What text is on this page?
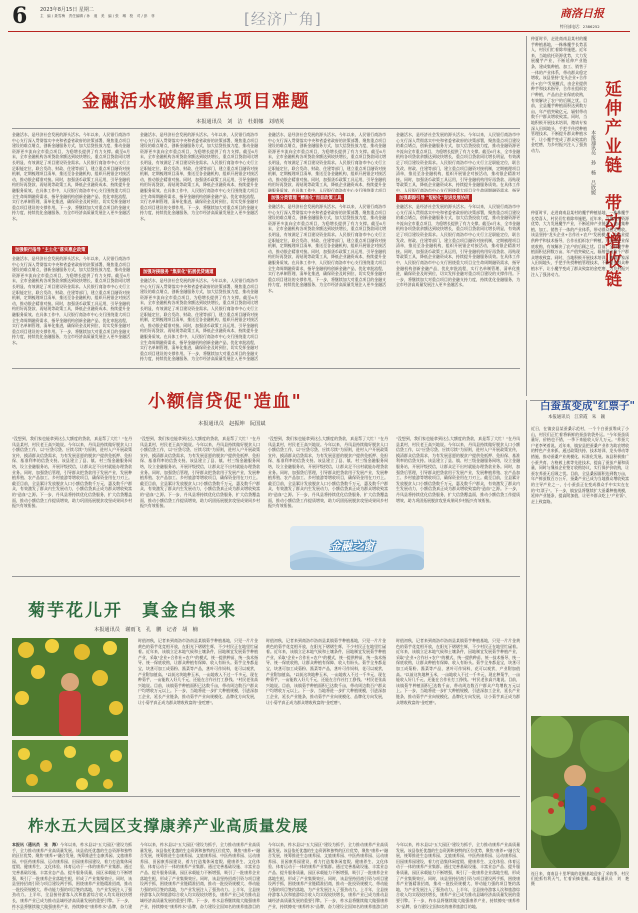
6	2023年8月15日 星期二
主　编 / 聂雪梅　责任编辑 / 孙　迪　美　编 / 张　琳　校　对 / 彭　菲	[经济广角]	商洛日报
特刊部电话：2386252
金融活水破解重点项目难题
本报通讯员　刘　洁　杜娟娜　刘靖英
金融活水，是经济社会发展的源头活水。今年以来，人民银行商洛市中心支行深入贯彻落实中央和省委省政府的决策部署，聚焦重点项目建设的难点堵点，创新金融服务方式，加大信贷投放力度，推动金融资源更多流向全市重点项目，为稳增长提供了有力支撑。截至6月末，全市金融机构各项贷款余额达到较快增长，重点项目贷款同比增长明显，有效满足了项目建设资金需求。人民银行商洛市中心支行立足职能定位，联合发改、财政、住建等部门，建立重点项目融资对接机制，定期梳理项目清单，推送至各金融机构，组织开展银企对接活动，推动银企精准对接。同时，加强货币政策工具运用，引导金融机构用好再贷款、再贴现等政策工具，降低企业融资成本，持续提升金融服务质效。在具体工作中，人民银行商洛市中心支行围绕重大项目全生命周期融资需求，指导金融机构创新金融产品，优化审批流程，实行名单制管理、清单化推进，确保资金及时到位，切实发挥金融对重点项目建设的支撑作用。下一步，将继续加大对重点项目的金融支持力度，持续优化金融服务，为全市经济高质量发展注入更多金融活水。
加强银行指导 "主土化"落实惠企政策
金融活水，是经济社会发展的源头活水。今年以来，人民银行商洛市中心支行深入贯彻落实中央和省委省政府的决策部署，聚焦重点项目建设的难点堵点，创新金融服务方式，加大信贷投放力度，推动金融资源更多流向全市重点项目，为稳增长提供了有力支撑。截至6月末，全市金融机构各项贷款余额达到较快增长，重点项目贷款同比增长明显，有效满足了项目建设资金需求。人民银行商洛市中心支行立足职能定位，联合发改、财政、住建等部门，建立重点项目融资对接机制，定期梳理项目清单，推送至各金融机构，组织开展银企对接活动，推动银企精准对接。同时，加强货币政策工具运用，引导金融机构用好再贷款、再贴现等政策工具，降低企业融资成本，持续提升金融服务质效。在具体工作中，人民银行商洛市中心支行围绕重大项目全生命周期融资需求，指导金融机构创新金融产品，优化审批流程，实行名单制管理、清单化推进，确保资金及时到位，切实发挥金融对重点项目建设的支撑作用。下一步，将继续加大对重点项目的金融支持力度，持续优化金融服务，为全市经济高质量发展注入更多金融活水。
金融活水，是经济社会发展的源头活水。今年以来，人民银行商洛市中心支行深入贯彻落实中央和省委省政府的决策部署，聚焦重点项目建设的难点堵点，创新金融服务方式，加大信贷投放力度，推动金融资源更多流向全市重点项目，为稳增长提供了有力支撑。截至6月末，全市金融机构各项贷款余额达到较快增长，重点项目贷款同比增长明显，有效满足了项目建设资金需求。人民银行商洛市中心支行立足职能定位，联合发改、财政、住建等部门，建立重点项目融资对接机制，定期梳理项目清单，推送至各金融机构，组织开展银企对接活动，推动银企精准对接。同时，加强货币政策工具运用，引导金融机构用好再贷款、再贴现等政策工具，降低企业融资成本，持续提升金融服务质效。在具体工作中，人民银行商洛市中心支行围绕重大项目全生命周期融资需求，指导金融机构创新金融产品，优化审批流程，实行名单制管理、清单化推进，确保资金及时到位，切实发挥金融对重点项目建设的支撑作用。下一步，将继续加大对重点项目的金融支持力度，持续优化金融服务，为全市经济高质量发展注入更多金融活水。
加强对接服务 "集束化"拓展优贷通道
金融活水，是经济社会发展的源头活水。今年以来，人民银行商洛市中心支行深入贯彻落实中央和省委省政府的决策部署，聚焦重点项目建设的难点堵点，创新金融服务方式，加大信贷投放力度，推动金融资源更多流向全市重点项目，为稳增长提供了有力支撑。截至6月末，全市金融机构各项贷款余额达到较快增长，重点项目贷款同比增长明显，有效满足了项目建设资金需求。人民银行商洛市中心支行立足职能定位，联合发改、财政、住建等部门，建立重点项目融资对接机制，定期梳理项目清单，推送至各金融机构，组织开展银企对接活动，推动银企精准对接。同时，加强货币政策工具运用，引导金融机构用好再贷款、再贴现等政策工具，降低企业融资成本，持续提升金融服务质效。在具体工作中，人民银行商洛市中心支行围绕重大项目全生命周期融资需求，指导金融机构创新金融产品，优化审批流程，实行名单制管理、清单化推进，确保资金及时到位，切实发挥金融对重点项目建设的支撑作用。下一步，将继续加大对重点项目的金融支持力度，持续优化金融服务，为全市经济高质量发展注入更多金融活
金融活水，是经济社会发展的源头活水。今年以来，人民银行商洛市中心支行深入贯彻落实中央和省委省政府的决策部署，聚焦重点项目建设的难点堵点，创新金融服务方式，加大信贷投放力度，推动金融资源更多流向全市重点项目，为稳增长提供了有力支撑。截至6月末，全市金融机构各项贷款余额达到较快增长，重点项目贷款同比增长明显，有效满足了项目建设资金需求。人民银行商洛市中心支行立足职能定位，联合发改、财政、住建等部门，建立重点项目融资对接机制，定期梳理项目清单，推送至各金融机构，组织开展银企对接活动，推动银企精准对接。同时，加强货币政策工具运用，引导金融机构用好再贷款、再贴现等政策工具，降低企业融资成本，持续提升金融服务质效。在具体工作中，人民银行商洛市中心支行围绕重大项目
加强分类管理 "精准化"而显政策工具
金融活水，是经济社会发展的源头活水。今年以来，人民银行商洛市中心支行深入贯彻落实中央和省委省政府的决策部署，聚焦重点项目建设的难点堵点，创新金融服务方式，加大信贷投放力度，推动金融资源更多流向全市重点项目，为稳增长提供了有力支撑。截至6月末，全市金融机构各项贷款余额达到较快增长，重点项目贷款同比增长明显，有效满足了项目建设资金需求。人民银行商洛市中心支行立足职能定位，联合发改、财政、住建等部门，建立重点项目融资对接机制，定期梳理项目清单，推送至各金融机构，组织开展银企对接活动，推动银企精准对接。同时，加强货币政策工具运用，引导金融机构用好再贷款、再贴现等政策工具，降低企业融资成本，持续提升金融服务质效。在具体工作中，人民银行商洛市中心支行围绕重大项目全生命周期融资需求，指导金融机构创新金融产品，优化审批流程，实行名单制管理、清单化推进，确保资金及时到位，切实发挥金融对重点项目建设的支撑作用。下一步，将继续加大对重点项目的金融支持力度，持续优化金融服务，为全市经济高质量发展注入更多金融活水。
金融活水，是经济社会发展的源头活水。今年以来，人民银行商洛市中心支行深入贯彻落实中央和省委省政府的决策部署，聚焦重点项目建设的难点堵点，创新金融服务方式，加大信贷投放力度，推动金融资源更多流向全市重点项目，为稳增长提供了有力支撑。截至6月末，全市金融机构各项贷款余额达到较快增长，重点项目贷款同比增长明显，有效满足了项目建设资金需求。人民银行商洛市中心支行立足职能定位，联合发改、财政、住建等部门，建立重点项目融资对接机制，定期梳理项目清单，推送至各金融机构，组织开展银企对接活动，推动银企精准对接。同时，加强货币政策工具运用，引导金融机构用好再贷款、再贴现等政策工具，降低企业融资成本，持续提升金融服务质效。在具体工作中，人民银行商洛市中心支行围绕重大项目全生命周期融资需求，指导
加强跟踪引导 "短板化"促进发展协同
金融活水，是经济社会发展的源头活水。今年以来，人民银行商洛市中心支行深入贯彻落实中央和省委省政府的决策部署，聚焦重点项目建设的难点堵点，创新金融服务方式，加大信贷投放力度，推动金融资源更多流向全市重点项目，为稳增长提供了有力支撑。截至6月末，全市金融机构各项贷款余额达到较快增长，重点项目贷款同比增长明显，有效满足了项目建设资金需求。人民银行商洛市中心支行立足职能定位，联合发改、财政、住建等部门，建立重点项目融资对接机制，定期梳理项目清单，推送至各金融机构，组织开展银企对接活动，推动银企精准对接。同时，加强货币政策工具运用，引导金融机构用好再贷款、再贴现等政策工具，降低企业融资成本，持续提升金融服务质效。在具体工作中，人民银行商洛市中心支行围绕重大项目全生命周期融资需求，指导金融机构创新金融产品，优化审批流程，实行名单制管理、清单化推进，确保资金及时到位，切实发挥金融对重点项目建设的支撑作用。下一步，将继续加大对重点项目的金融支持力度，持续优化金融服务，为全市经济高质量发展注入更多金融活水。
仲夏时节，走进商南县某村的魔芋种植基地，一株株魔芋长势喜人，村民们忙着除草施肥。近年来，当地依托资源优势，大力发展魔芋产业，不断延伸产业链条，建成集种植、加工、销售于一体的产业体系，带动群众稳定增收。该县坚持"龙头企业+合作社+农户"发展模式，由企业提供种芋和技术指导，合作社组织农户种植，产品由企业保底收购，有效解决了农户的后顾之忧。目前，全县魔芋种植面积达到数万亩，年产值突破亿元，辐射带动数千户群众增收致富。同时，当地积极开展技术培训，邀请专家深入田间地头，手把手传授种植管理技术，不断提升群众种植水平，让小魔芋变成了群众致富的金疙瘩，为乡村振兴注入了强劲动力。	延伸产业链　带动增收链
本报通讯员　孙　杨　吕欣媛
仲夏时节，走进商南县某村的魔芋种植基地，一株株魔芋长势喜人，村民们忙着除草施肥。近年来，当地依托资源优势，大力发展魔芋产业，不断延伸产业链条，建成集种植、加工、销售于一体的产业体系，带动群众稳定增收。该县坚持"龙头企业+合作社+农户"发展模式，由企业提供种芋和技术指导，合作社组织农户种植，产品由企业保底收购，有效解决了农户的后顾之忧。目前，全县魔芋种植面积达到数万亩，年产值突破亿元，辐射带动数千户群众增收致富。同时，当地积极开展技术培训，邀请专家深入田间地头，手把手传授种植管理技术，不断提升群众种植水平，让小魔芋变成了群众致富的金疙瘩，为乡村振兴注入了强劲动力。
小额信贷促"造血"
本报通讯员　赵振坤　阮国斌
"没想到，我们家也能拿到这么大额度的贷款，真是帮了大忙！"在丹凤县某村，村民老王高兴地说。今年以来，丹凤县持续做好脱贫人口小额信贷工作，以"应贷尽贷、应续尽续"为原则，进村入户开展政策宣传，摸清群众信贷需求，为有发展意愿的脱贫户提供免抵押、免担保、基准利率的信贷支持。该县建立了县、镇、村三级金融服务网络，设立金融服务站，开展评级授信，让群众足不出村就能办理贷款业务。同时，加强贷后管理，引导群众把贷款用于发展产业，发展种植养殖、农产品加工、乡村旅游等增收项目，确保资金用在刀刃上。截至目前，全县累计发放脱贫人口小额信贷数千万元，惠及数千户群众，有效激发了群众内生发展动力，小额信贷真正成为群众增收致富的"造血"之源。下一步，丹凤县将持续优化信贷服务，扩大信贷覆盖面，推动小额信贷工作提质增效，助力巩固拓展脱贫攻坚成果同乡村振兴有效衔接。
"没想到，我们家也能拿到这么大额度的贷款，真是帮了大忙！"在丹凤县某村，村民老王高兴地说。今年以来，丹凤县持续做好脱贫人口小额信贷工作，以"应贷尽贷、应续尽续"为原则，进村入户开展政策宣传，摸清群众信贷需求，为有发展意愿的脱贫户提供免抵押、免担保、基准利率的信贷支持。该县建立了县、镇、村三级金融服务网络，设立金融服务站，开展评级授信，让群众足不出村就能办理贷款业务。同时，加强贷后管理，引导群众把贷款用于发展产业，发展种植养殖、农产品加工、乡村旅游等增收项目，确保资金用在刀刃上。截至目前，全县累计发放脱贫人口小额信贷数千万元，惠及数千户群众，有效激发了群众内生发展动力，小额信贷真正成为群众增收致富的"造血"之源。下一步，丹凤县将持续优化信贷服务，扩大信贷覆盖面，推动小额信贷工作提质增效，助力巩固拓展脱贫攻坚成果同乡村振兴有效衔接。
"没想到，我们家也能拿到这么大额度的贷款，真是帮了大忙！"在丹凤县某村，村民老王高兴地说。今年以来，丹凤县持续做好脱贫人口小额信贷工作，以"应贷尽贷、应续尽续"为原则，进村入户开展政策宣传，摸清群众信贷需求，为有发展意愿的脱贫户提供免抵押、免担保、基准利率的信贷支持。该县建立了县、镇、村三级金融服务网络，设立金融服务站，开展评级授信，让群众足不出村就能办理贷款业务。同时，加强贷后管理，引导群众把贷款用于发展产业，发展种植养殖、农产品加工、乡村旅游等增收项目，确保资金用在刀刃上。截至目前，全县累计发放脱贫人口小额信贷数千万元，惠及数千户群众，有效激发了群众内生发展动力，小额信贷真正成为群众增收致富的"造血"之源。下一步，丹凤县将持续优化信贷服务，扩大信贷覆盖面，推动小额信贷工作提质增效，助力巩固拓展脱贫攻坚成果同乡村振兴有效衔接。
"没想到，我们家也能拿到这么大额度的贷款，真是帮了大忙！"在丹凤县某村，村民老王高兴地说。今年以来，丹凤县持续做好脱贫人口小额信贷工作，以"应贷尽贷、应续尽续"为原则，进村入户开展政策宣传，摸清群众信贷需求，为有发展意愿的脱贫户提供免抵押、免担保、基准利率的信贷支持。该县建立了县、镇、村三级金融服务网络，设立金融服务站，开展评级授信，让群众足不出村就能办理贷款业务。同时，加强贷后管理，引导群众把贷款用于发展产业，发展种植养殖、农产品加工、乡村旅游等增收项目，确保资金用在刀刃上。截至目前，全县累计发放脱贫人口小额信贷数千万元，惠及数千户群众，有效激发了群众内生发展动力，小额信贷真正成为群众增收致富的"造血"之源。下一步，丹凤县将持续优化信贷服务，扩大信贷覆盖面，推动小额信贷工作提质增效，助力巩固拓展脱贫攻坚成果同乡村振兴有效衔接。
金融之窗
白蚕茧变成"红票子"
本报通讯员　江荣霞　朱　颖
近日，在镇安县某蚕桑示范村，一个个白蚕茧堆成了小山，村民们正忙着将新鲜的蚕茧装袋外运。"今年蚕茧质量好，价格也不错，一季下来能收入好几万元。"养蚕大户老李笑着说。近年来，镇安县把蚕桑产业作为助农增收的特色产业来抓，通过政策扶持、技术培训、龙头带动等措施，推动蚕桑产业规模化、标准化发展。该县积极推广小蚕共育、方格蔟上蔟等先进技术，提高了蚕茧产量和质量，同时与缫丝企业签订收购协议，实行保护价收购，让蚕农养蚕无后顾之忧。目前，全县桑园面积达到数万亩，年产鲜茧数百万公斤，蚕桑产业已成为当地群众增收致富的主导产业之一，小小蚕茧正在变成群众手中实实在在的"红票子"。下一步，镇安县将继续扩大蚕桑种植规模，延伸产业链条，提高附加值，让更多群众吃上"产业饭"、走上致富路。
连日来，商南县十里坪镇的花椒基地迎来了采收季，村民们抢抓有利天气，忙着采摘花椒。本报通讯员　刘　艳　摄
菊芋花儿开　真金白银来
本报通讯员　谢雨飞　孔　鹏　记者　胡　楠
时值初秋，记者来到商洛市洛南县某镇菊芋种植基地，只见一片片金黄色的菊芋花竞相开放，在阳光下熠熠生辉，不少村民正在地里忙碌着。近年来，该镇立足本地气候和土壤条件，因地制宜发展菊芋种植产业，采取"企业+合作社+农户"的模式，统一提供种苗、统一技术指导、统一保底收购，让群众种植有保障、收入有盼头。菊芋全身都是宝，块茎可加工成菊粉、酱菜等产品，茎叶可作饲料，花可以观赏，产业附加值高。"以前这块地种玉米，一亩地收入不过一千多元，现在种菊芋，一亩能收入好几千元，还能在合作社打工挣钱。"村民老张高兴地说。目前，该镇菊芋种植面积已达数千亩，带动周边数百户群众户均增收万元以上。下一步，当地将进一步扩大种植规模，引进深加工企业，延长产业链条，推动菊芋产业向规模化、品牌化方向发展，让小菊芋真正成为群众增收致富的"金疙瘩"。
时值初秋，记者来到商洛市洛南县某镇菊芋种植基地，只见一片片金黄色的菊芋花竞相开放，在阳光下熠熠生辉，不少村民正在地里忙碌着。近年来，该镇立足本地气候和土壤条件，因地制宜发展菊芋种植产业，采取"企业+合作社+农户"的模式，统一提供种苗、统一技术指导、统一保底收购，让群众种植有保障、收入有盼头。菊芋全身都是宝，块茎可加工成菊粉、酱菜等产品，茎叶可作饲料，花可以观赏，产业附加值高。"以前这块地种玉米，一亩地收入不过一千多元，现在种菊芋，一亩能收入好几千元，还能在合作社打工挣钱。"村民老张高兴地说。目前，该镇菊芋种植面积已达数千亩，带动周边数百户群众户均增收万元以上。下一步，当地将进一步扩大种植规模，引进深加工企业，延长产业链条，推动菊芋产业向规模化、品牌化方向发展，让小菊芋真正成为群众增收致富的"金疙瘩"。
时值初秋，记者来到商洛市洛南县某镇菊芋种植基地，只见一片片金黄色的菊芋花竞相开放，在阳光下熠熠生辉，不少村民正在地里忙碌着。近年来，该镇立足本地气候和土壤条件，因地制宜发展菊芋种植产业，采取"企业+合作社+农户"的模式，统一提供种苗、统一技术指导、统一保底收购，让群众种植有保障、收入有盼头。菊芋全身都是宝，块茎可加工成菊粉、酱菜等产品，茎叶可作饲料，花可以观赏，产业附加值高。"以前这块地种玉米，一亩地收入不过一千多元，现在种菊芋，一亩能收入好几千元，还能在合作社打工挣钱。"村民老张高兴地说。目前，该镇菊芋种植面积已达数千亩，带动周边数百户群众户均增收万元以上。下一步，当地将进一步扩大种植规模，引进深加工企业，延长产业链条，推动菊芋产业向规模化、品牌化方向发展，让小菊芋真正成为群众增收致富的"金疙瘩"。
柞水五大园区支撑康养产业高质量发展
本报讯（通讯员　张　海）今年以来，柞水县以"五大园区"建设为抓手，全力推动康养产业高质量发展。该县依托优越的生态资源和独特的区位优势，聚焦"康养+"融合发展，统筹推进生态康养园、文旅康养园、中医药康养园、运动康养园、田园康养园建设，着力打造集休闲度假、健康养生、文化体验、体育运动于一体的康养产业集群。通过完善基础设施、丰富业态产品、提升服务质量，园区承载能力不断增强，吸引了一批康养企业落地生根，形成了产业集聚效应。同时，该县坚持招商引资与项目建设两手抓，围绕康养产业链精准招商，推动一批投资规模大、带动能力强的项目签约落地，为产业发展注入了强劲动力。上半年，全县接待游客人次和旅游综合收入均实现较快增长，康养产业已成为推动县域经济高质量发展的重要引擎。下一步，柞水县将继续做大做强康养产业，持续擦亮"康养柞水"品牌，奋力建
今年以来，柞水县以"五大园区"建设为抓手，全力推动康养产业高质量发展。该县依托优越的生态资源和独特的区位优势，聚焦"康养+"融合发展，统筹推进生态康养园、文旅康养园、中医药康养园、运动康养园、田园康养园建设，着力打造集休闲度假、健康养生、文化体验、体育运动于一体的康养产业集群。通过完善基础设施、丰富业态产品、提升服务质量，园区承载能力不断增强，吸引了一批康养企业落地生根，形成了产业集聚效应。同时，该县坚持招商引资与项目建设两手抓，围绕康养产业链精准招商，推动一批投资规模大、带动能力强的项目签约落地，为产业发展注入了强劲动力。上半年，全县接待游客人次和旅游综合收入均实现较快增长，康养产业已成为推动县域经济高质量发展的重要引擎。下一步，柞水县将继续做大做强康养产业，持续擦亮"康养柞水"品牌，奋力建设全国知名的康养旅游目的
今年以来，柞水县以"五大园区"建设为抓手，全力推动康养产业高质量发展。该县依托优越的生态资源和独特的区位优势，聚焦"康养+"融合发展，统筹推进生态康养园、文旅康养园、中医药康养园、运动康养园、田园康养园建设，着力打造集休闲度假、健康养生、文化体验、体育运动于一体的康养产业集群。通过完善基础设施、丰富业态产品、提升服务质量，园区承载能力不断增强，吸引了一批康养企业落地生根，形成了产业集聚效应。同时，该县坚持招商引资与项目建设两手抓，围绕康养产业链精准招商，推动一批投资规模大、带动能力强的项目签约落地，为产业发展注入了强劲动力。上半年，全县接待游客人次和旅游综合收入均实现较快增长，康养产业已成为推动县域经济高质量发展的重要引擎。下一步，柞水县将继续做大做强康养产业，持续擦亮"康养柞水"品牌，奋力建设全国知名的康养旅游目的
今年以来，柞水县以"五大园区"建设为抓手，全力推动康养产业高质量发展。该县依托优越的生态资源和独特的区位优势，聚焦"康养+"融合发展，统筹推进生态康养园、文旅康养园、中医药康养园、运动康养园、田园康养园建设，着力打造集休闲度假、健康养生、文化体验、体育运动于一体的康养产业集群。通过完善基础设施、丰富业态产品、提升服务质量，园区承载能力不断增强，吸引了一批康养企业落地生根，形成了产业集聚效应。同时，该县坚持招商引资与项目建设两手抓，围绕康养产业链精准招商，推动一批投资规模大、带动能力强的项目签约落地，为产业发展注入了强劲动力。上半年，全县接待游客人次和旅游综合收入均实现较快增长，康养产业已成为推动县域经济高质量发展的重要引擎。下一步，柞水县将继续做大做强康养产业，持续擦亮"康养柞水"品牌，奋力建设全国知名的康养旅游目的地。
